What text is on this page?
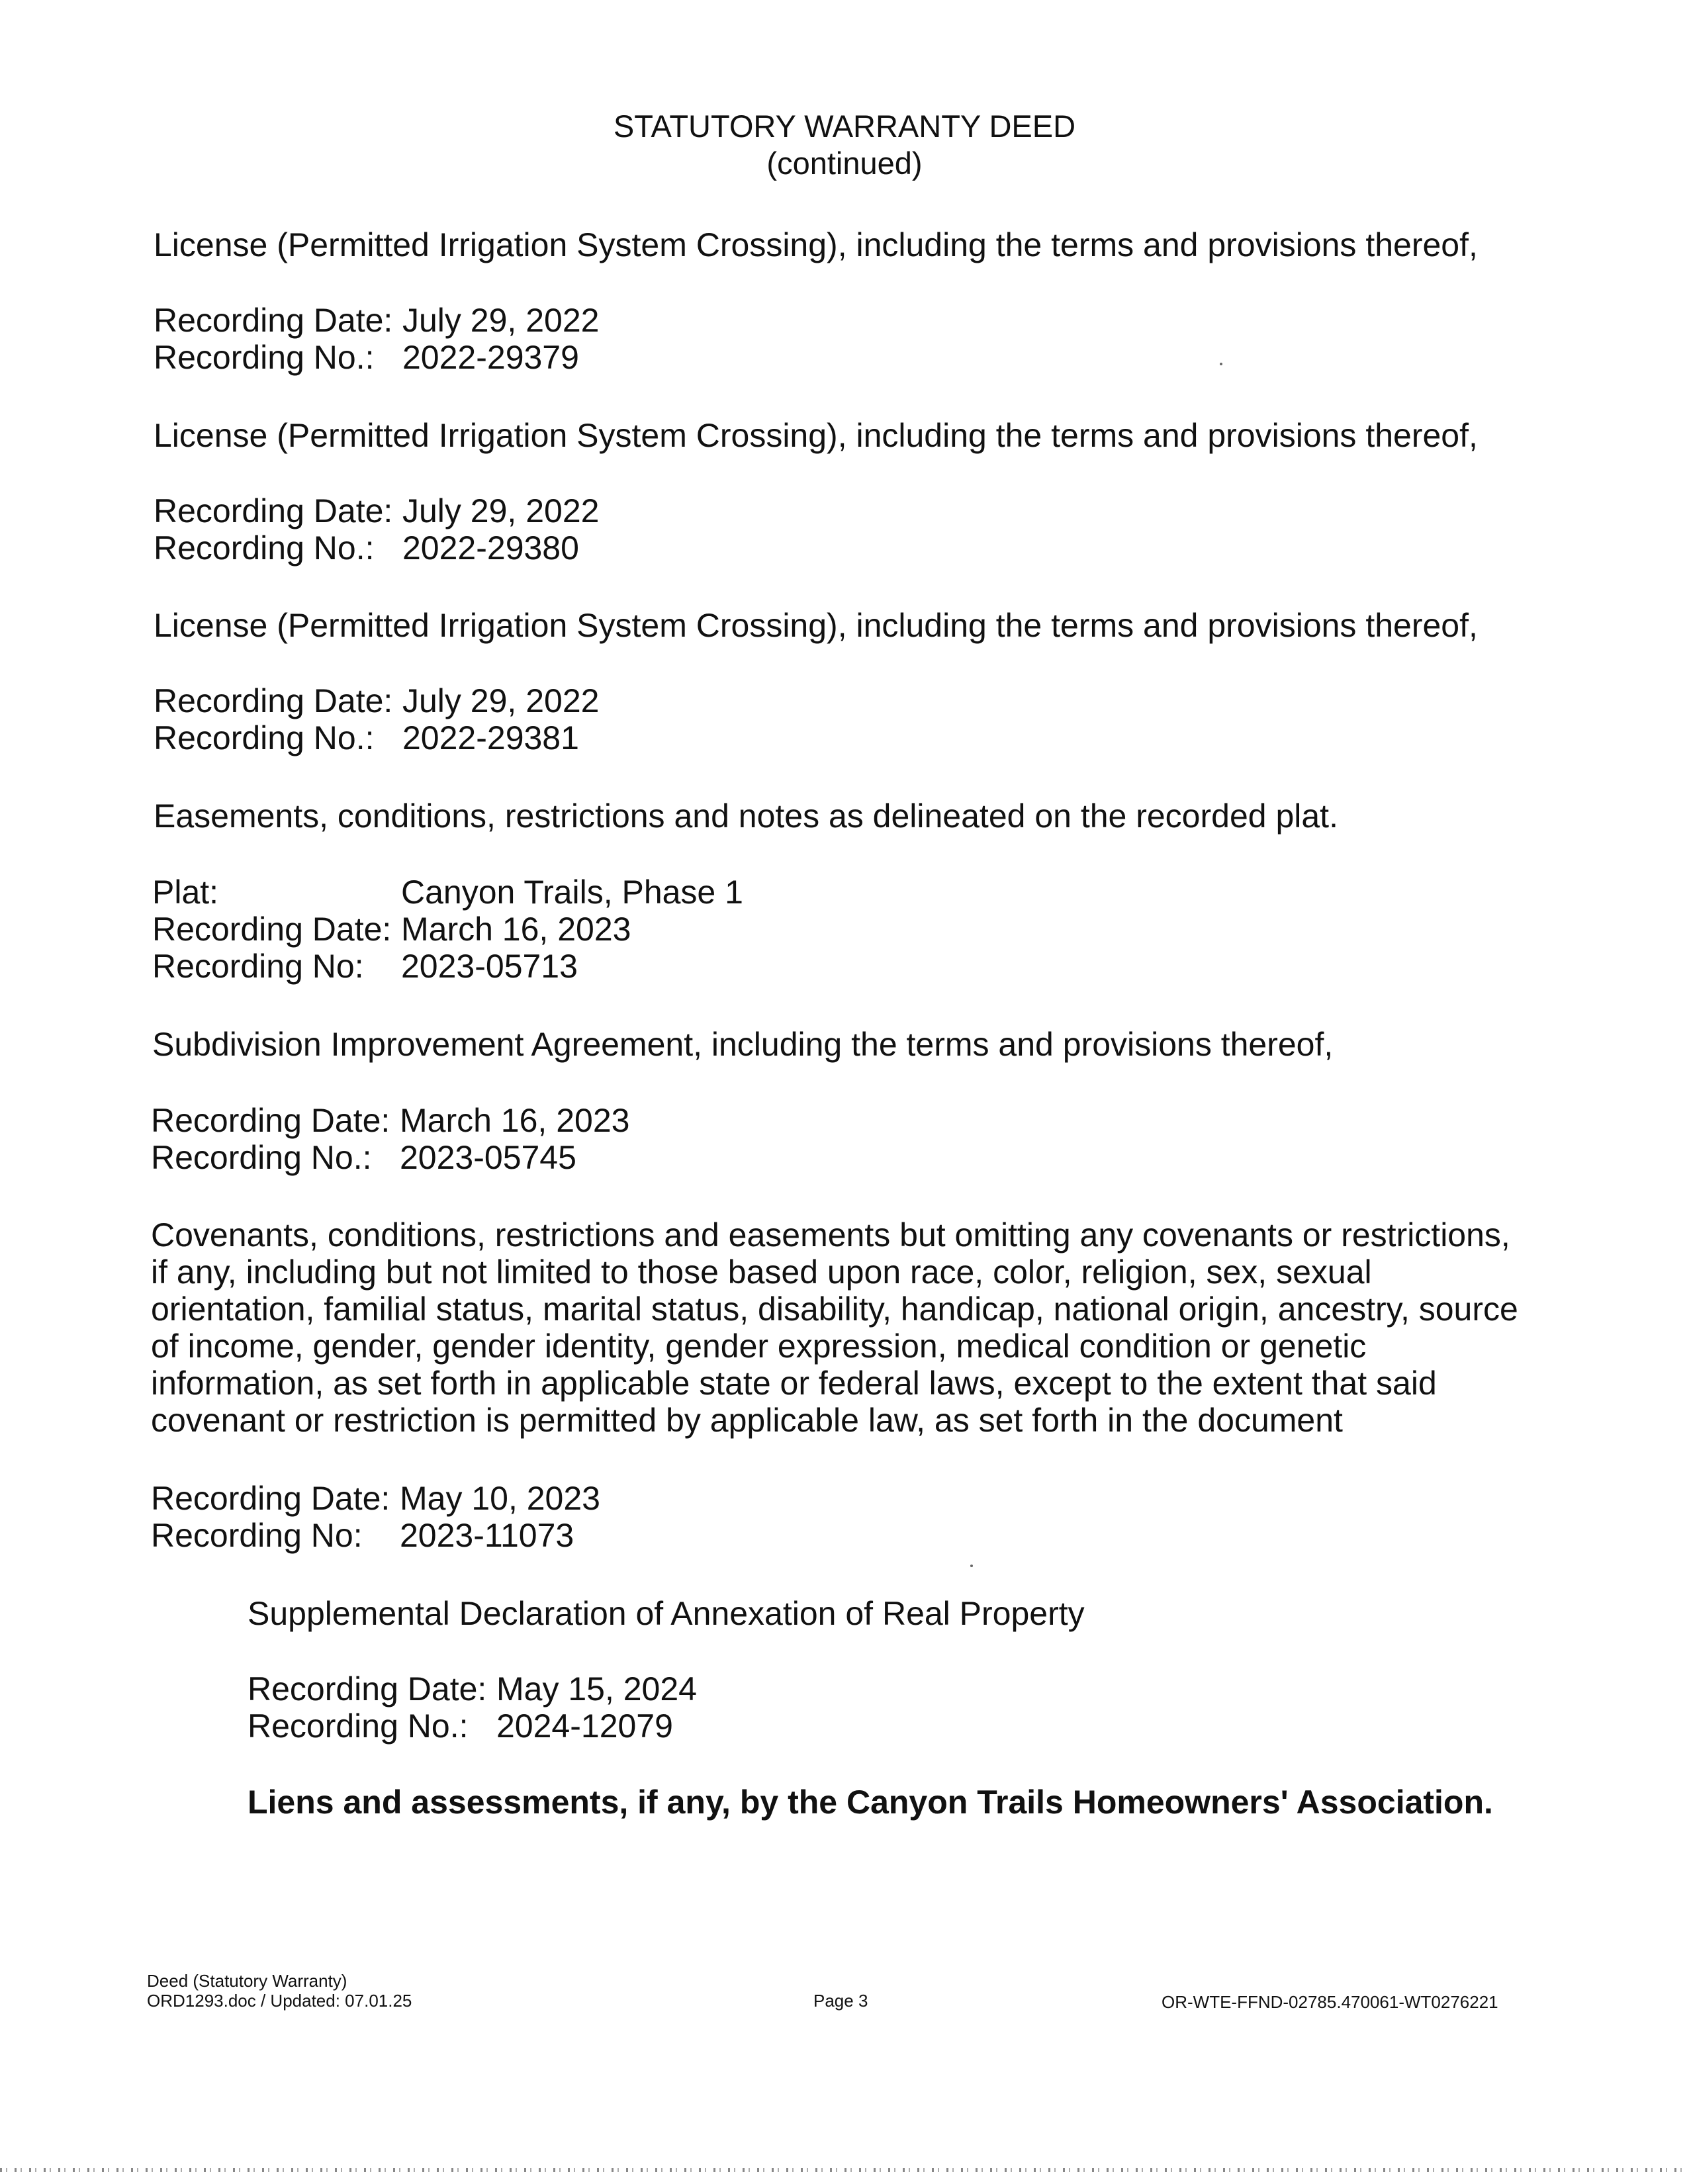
STATUTORY WARRANTY DEED
(continued)
License (Permitted Irrigation System Crossing), including the terms and provisions thereof,
Recording Date: July 29, 2022
Recording No.: 2022-29379
License (Permitted Irrigation System Crossing), including the terms and provisions thereof,
Recording Date: July 29, 2022
Recording No.: 2022-29380
License (Permitted Irrigation System Crossing), including the terms and provisions thereof,
Recording Date: July 29, 2022
Recording No.: 2022-29381
Easements, conditions, restrictions and notes as delineated on the recorded plat.
Plat:	Canyon Trails, Phase 1
Recording Date: March 16, 2023
Recording No: 2023-05713
Subdivision Improvement Agreement, including the terms and provisions thereof,
Recording Date: March 16, 2023
Recording No.: 2023-05745
Covenants, conditions, restrictions and easements but omitting any covenants or restrictions,
if any, including but not limited to those based upon race, color, religion, sex, sexual
orientation, familial status, marital status, disability, handicap, national origin, ancestry, source
of income, gender, gender identity, gender expression, medical condition or genetic
information, as set forth in applicable state or federal laws, except to the extent that said
covenant or restriction is permitted by applicable law, as set forth in the document
Recording Date: May 10, 2023
Recording No: 2023-11073
Supplemental Declaration of Annexation of Real Property
Recording Date: May 15, 2024
Recording No.: 2024-12079
Liens and assessments, if any, by the Canyon Trails Homeowners' Association.
Deed (Statutory Warranty)
ORD1293.doc / Updated: 07.01.25	Page 3	OR-WTE-FFND-02785.470061-WT0276221
